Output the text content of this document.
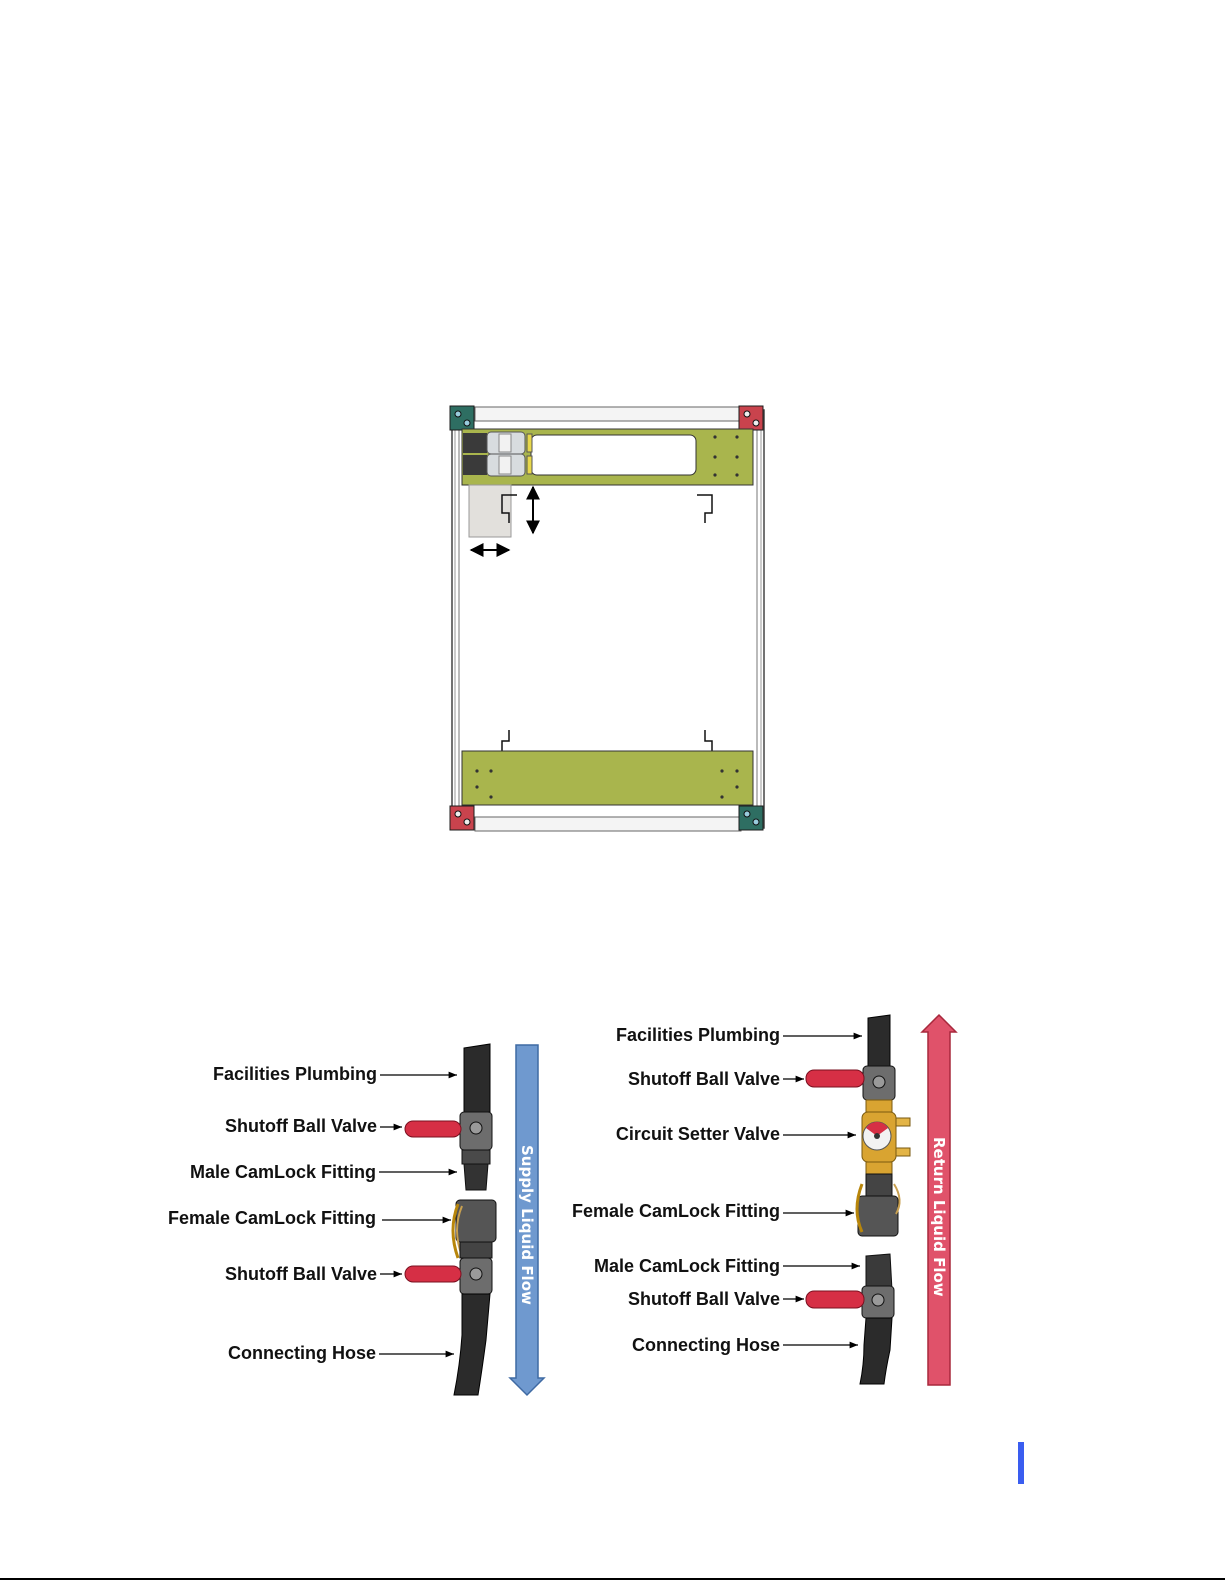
Supply Liquid Flow
Facilities Plumbing
Shutoff Ball Valve
Male CamLock Fitting
Female CamLock Fitting
Shutoff Ball Valve
Connecting Hose
Return Liquid Flow
Facilities Plumbing
Shutoff Ball Valve
Circuit Setter Valve
Female CamLock Fitting
Male CamLock Fitting
Shutoff Ball Valve
Connecting Hose
